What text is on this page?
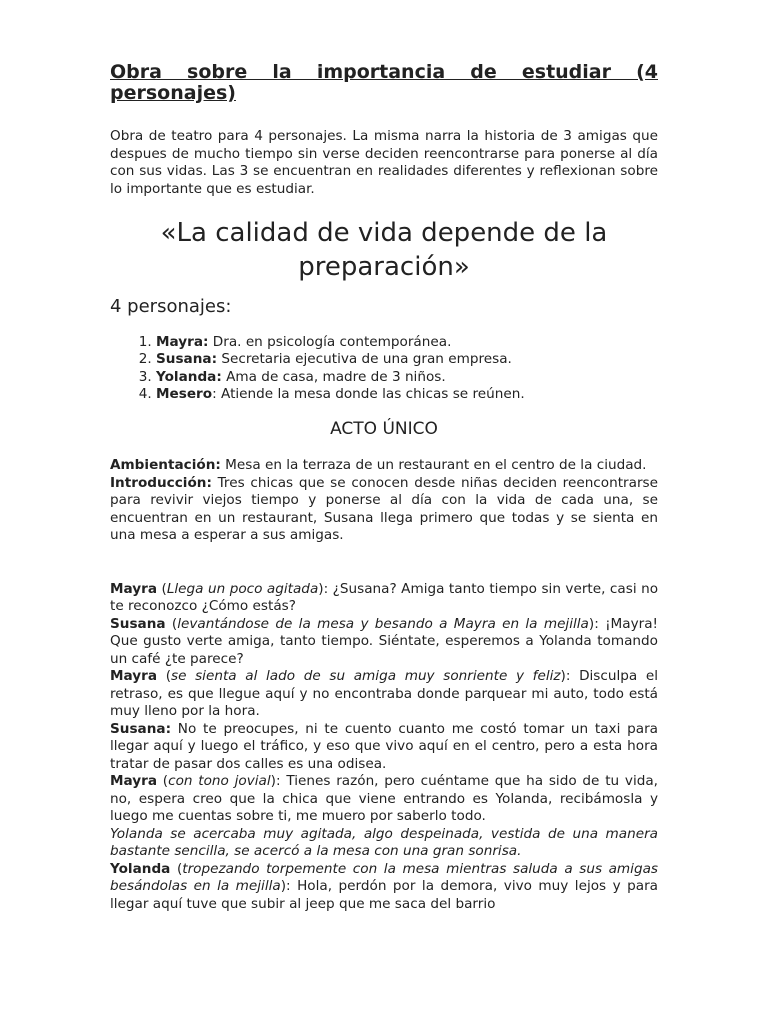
Obra sobre la importancia de estudiar (4 personajes)

Obra de teatro para 4 personajes. La misma narra la historia de 3 amigas que despues de mucho tiempo sin verse deciden reencontrarse para ponerse al día con sus vidas. Las 3 se encuentran en realidades diferentes y reflexionan sobre lo importante que es estudiar.

«La calidad de vida depende de la preparación»
4 personajes:
1. Mayra: Dra. en psicología contemporánea.
2. Susana: Secretaria ejecutiva de una gran empresa.
3. Yolanda: Ama de casa, madre de 3 niños.
4. Mesero: Atiende la mesa donde las chicas se reúnen.
ACTO ÚNICO

Ambientación: Mesa en la terraza de un restaurant en el centro de la ciudad.
Introducción: Tres chicas que se conocen desde niñas deciden reencontrarse para revivir viejos tiempo y ponerse al día con la vida de cada una, se encuentran en un restaurant, Susana llega primero que todas y se sienta en una mesa a esperar a sus amigas.

Mayra (Llega un poco agitada): ¿Susana? Amiga tanto tiempo sin verte, casi no te reconozco ¿Cómo estás?
Susana (levantándose de la mesa y besando a Mayra en la mejilla): ¡Mayra! Que gusto verte amiga, tanto tiempo. Siéntate, esperemos a Yolanda tomando un café ¿te parece?
Mayra (se sienta al lado de su amiga muy sonriente y feliz): Disculpa el retraso, es que llegue aquí y no encontraba donde parquear mi auto, todo está muy lleno por la hora.
Susana: No te preocupes, ni te cuento cuanto me costó tomar un taxi para llegar aquí y luego el tráfico, y eso que vivo aquí en el centro, pero a esta hora tratar de pasar dos calles es una odisea.
Mayra (con tono jovial): Tienes razón, pero cuéntame que ha sido de tu vida, no, espera creo que la chica que viene entrando es Yolanda, recibámosla y luego me cuentas sobre ti, me muero por saberlo todo.
Yolanda se acercaba muy agitada, algo despeinada, vestida de una manera bastante sencilla, se acercó a la mesa con una gran sonrisa.
Yolanda (tropezando torpemente con la mesa mientras saluda a sus amigas besándolas en la mejilla): Hola, perdón por la demora, vivo muy lejos y para llegar aquí tuve que subir al jeep que me saca del barrio
